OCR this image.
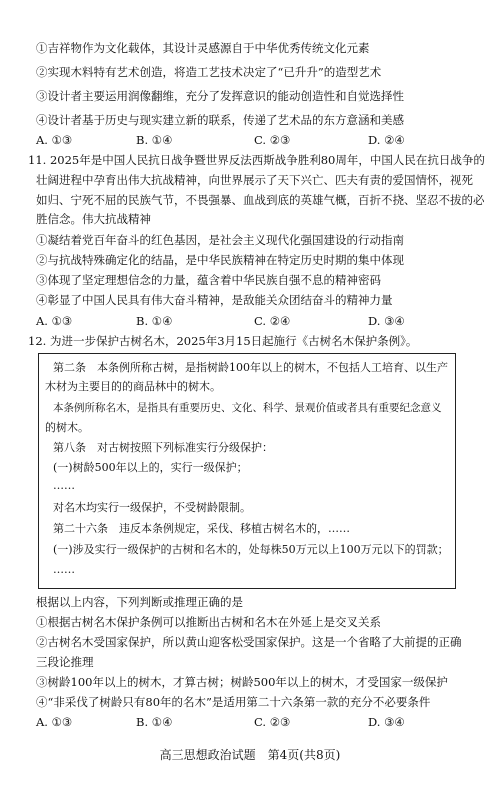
①吉祥物作为文化载体，其设计灵感源自于中华优秀传统文化元素
②实现木料特有艺术创造，将造工艺技术决定了“已升升”的造型艺术
③设计者主要运用润像翻维，充分了发挥意识的能动创造性和自觉选择性
④设计者基于历史与现实建立新的联系，传递了艺术品的东方意涵和美感
A. ①③	B. ①④	C. ②③	D. ②④
11. 2025年是中国人民抗日战争暨世界反法西斯战争胜利80周年，中国人民在抗日战争的
壮阔进程中孕育出伟大抗战精神，向世界展示了天下兴亡、匹夫有责的爱国情怀，视死
如归、宁死不屈的民族气节，不畏强暴、血战到底的英雄气概，百折不挠、坚忍不拔的必
胜信念。伟大抗战精神
①凝结着党百年奋斗的红色基因，是社会主义现代化强国建设的行动指南
②与抗战特殊确定化的结晶，是中华民族精神在特定历史时期的集中体现
③体现了坚定理想信念的力量，蕴含着中华民族自强不息的精神密码
④彰显了中国人民具有伟大奋斗精神，是敌能关众团结奋斗的精神力量
A. ①③	B. ①④	C. ②④	D. ③④
12. 为进一步保护古树名木，2025年3月15日起施行《古树名木保护条例》。
第二条　本条例所称古树，是指树龄100年以上的树木，不包括人工培育、以生产
木材为主要目的的商品林中的树木。
本条例所称名木，是指具有重要历史、文化、科学、景观价值或者具有重要纪念意义
的树木。
第八条　对古树按照下列标准实行分级保护：
(一)树龄500年以上的，实行一级保护；
……
对名木均实行一级保护，不受树龄限制。
第二十六条　违反本条例规定，采伐、移植古树名木的，……
(一)涉及实行一级保护的古树和名木的，处每株50万元以上100万元以下的罚款；
……
根据以上内容，下列判断或推理正确的是
①根据古树名木保护条例可以推断出古树和名木在外延上是交叉关系
②古树名木受国家保护，所以黄山迎客松受国家保护。这是一个省略了大前提的正确
三段论推理
③树龄100年以上的树木，才算古树；树龄500年以上的树木，才受国家一级保护
④“非采伐了树龄只有80年的名木”是适用第二十六条第一款的充分不必要条件
A. ①③	B. ①④	C. ②③	D. ③④
高三思想政治试题　第4页(共8页)
